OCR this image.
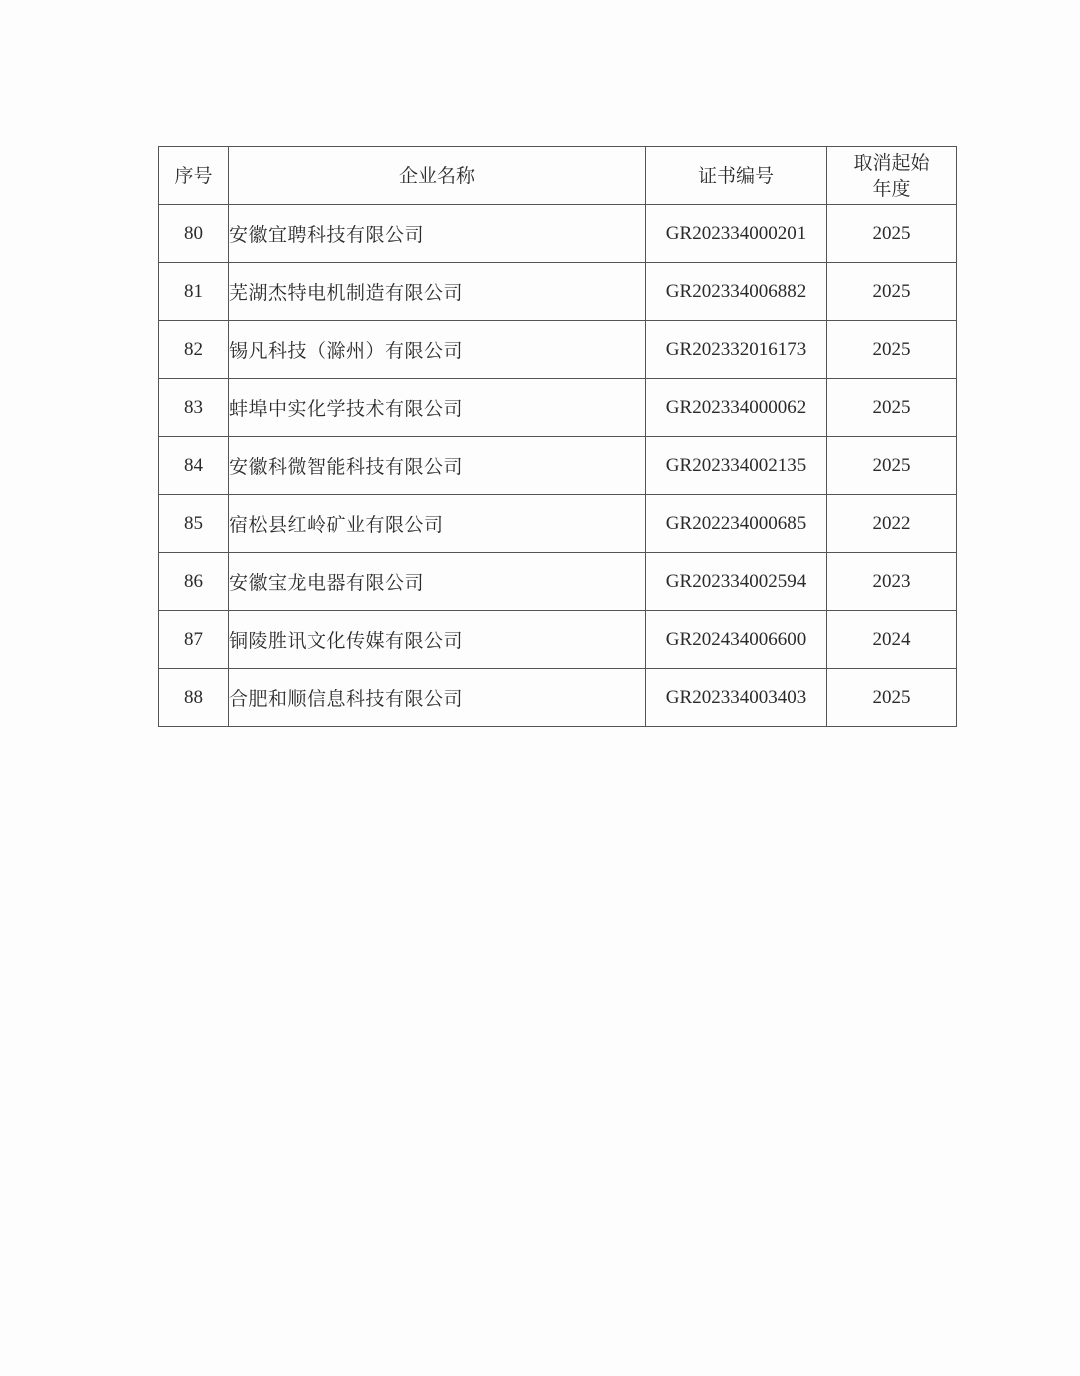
序号	企业名称	证书编号	取消起始
年度

80	安徽宜聘科技有限公司	GR202334000201	2025
81	芜湖杰特电机制造有限公司	GR202334006882	2025
82	锡凡科技（滁州）有限公司	GR202332016173	2025
83	蚌埠中实化学技术有限公司	GR202334000062	2025
84	安徽科微智能科技有限公司	GR202334002135	2025
85	宿松县红岭矿业有限公司	GR202234000685	2022
86	安徽宝龙电器有限公司	GR202334002594	2023
87	铜陵胜讯文化传媒有限公司	GR202434006600	2024
88	合肥和顺信息科技有限公司	GR202334003403	2025
